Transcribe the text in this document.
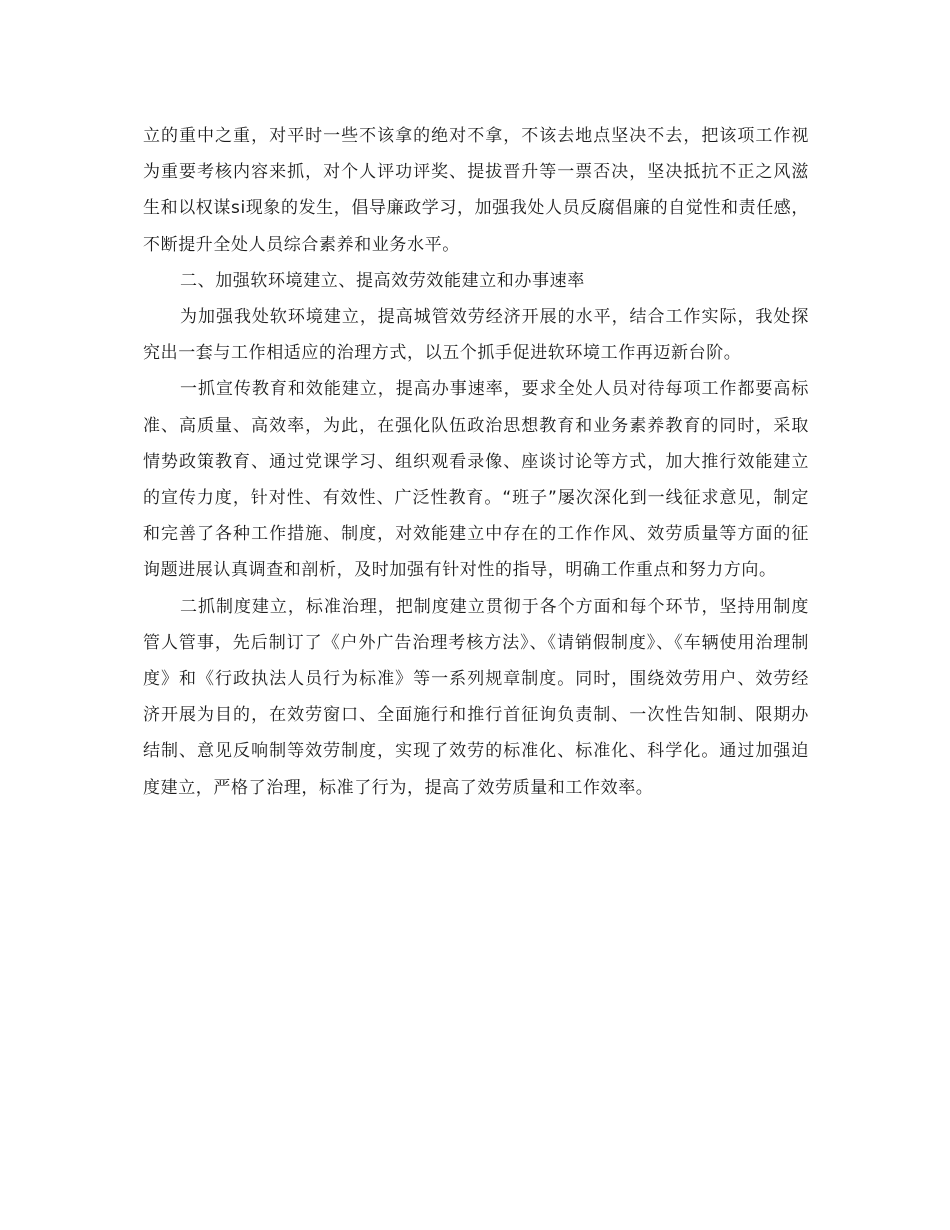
立的重中之重，对平时一些不该拿的绝对不拿，不该去地点坚决不去，把该项工作视为重要考核内容来抓，对个人评功评奖、提拔晋升等一票否决，坚决抵抗不正之风滋生和以权谋si现象的发生，倡导廉政学习，加强我处人员反腐倡廉的自觉性和责任感，不断提升全处人员综合素养和业务水平。

二、加强软环境建立、提高效劳效能建立和办事速率

为加强我处软环境建立，提高城管效劳经济开展的水平，结合工作实际，我处探究出一套与工作相适应的治理方式，以五个抓手促进软环境工作再迈新台阶。

一抓宣传教育和效能建立，提高办事速率，要求全处人员对待每项工作都要高标准、高质量、高效率，为此，在强化队伍政治思想教育和业务素养教育的同时，采取情势政策教育、通过党课学习、组织观看录像、座谈讨论等方式，加大推行效能建立的宣传力度，针对性、有效性、广泛性教育。“班子”屡次深化到一线征求意见，制定和完善了各种工作措施、制度，对效能建立中存在的工作作风、效劳质量等方面的征询题进展认真调查和剖析，及时加强有针对性的指导，明确工作重点和努力方向。

二抓制度建立，标准治理，把制度建立贯彻于各个方面和每个环节，坚持用制度管人管事，先后制订了《户外广告治理考核方法》、《请销假制度》、《车辆使用治理制度》和《行政执法人员行为标准》等一系列规章制度。同时，围绕效劳用户、效劳经济开展为目的，在效劳窗口、全面施行和推行首征询负责制、一次性告知制、限期办结制、意见反响制等效劳制度，实现了效劳的标准化、标准化、科学化。通过加强迫度建立，严格了治理，标准了行为，提高了效劳质量和工作效率。
